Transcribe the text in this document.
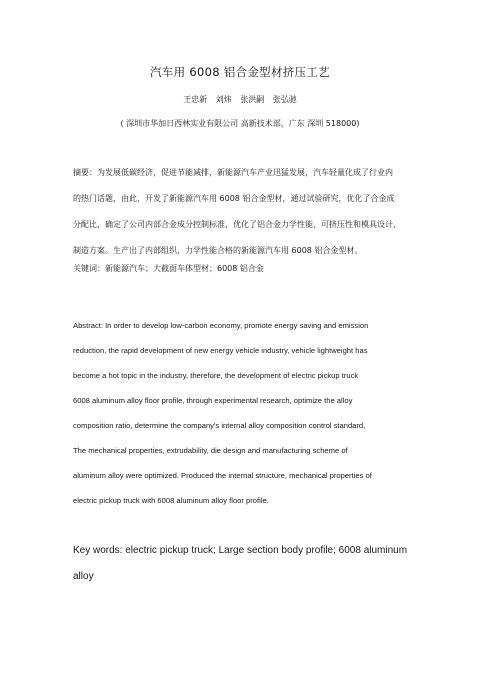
汽车用 6008 铝合金型材挤压工艺
王忠新 刘炜 张洪嗣 张弘驰
( 深圳市华加日西林实业有限公司 高新技术部，广东 深圳 518000)
摘要：为发展低碳经济，促进节能减排，新能源汽车产业迅猛发展，汽车轻量化成了行业内
的热门话题，由此，开发了新能源汽车用 6008 铝合金型材，通过试验研究，优化了合金成
分配比，确定了公司内部合金成分控制标准，优化了铝合金力学性能、可挤压性和模具设计、
制造方案。生产出了内部组织、力学性能合格的新能源汽车用 6008 铝合金型材。
关键词：新能源汽车；大截面车体型材；6008 铝合金
Abstract: In order to develop low-carbon economy, promote energy saving and emission
reduction, the rapid development of new energy vehicle industry, vehicle lightweight has
become a hot topic in the industry, therefore, the development of electric pickup truck
6008 aluminum alloy floor profile, through experimental research, optimize the alloy
composition ratio, determine the company's internal alloy composition control standard,
The mechanical properties, extrudability, die design and manufacturing scheme of
aluminum alloy were optimized. Produced the internal structure, mechanical properties of
electric pickup truck with 6008 aluminum alloy floor profile.
Key words: electric pickup truck; Large section body profile; 6008 aluminum
alloy
